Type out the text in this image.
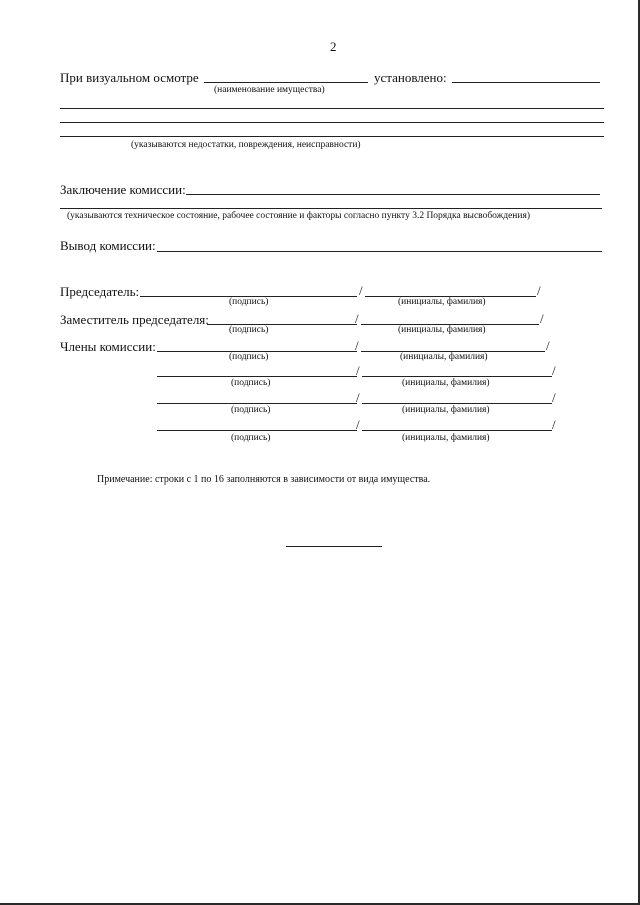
2
При визуальном осмотре	установлено:
(наименование имущества)
(указываются недостатки, повреждения, неисправности)
Заключение комиссии:
(указываются техническое состояние, рабочее состояние и факторы согласно пункту 3.2 Порядка высвобождения)
Вывод комиссии:
Председатель:	/	/
(подпись)	(инициалы, фамилия)
Заместитель председателя:	/	/
(подпись)	(инициалы, фамилия)
Члены комиссии:	/	/
(подпись)	(инициалы, фамилия)
/	/
(подпись)	(инициалы, фамилия)
/	/
(подпись)	(инициалы, фамилия)
/	/
(подпись)	(инициалы, фамилия)
Примечание: строки с 1 по 16 заполняются в зависимости от вида имущества.
